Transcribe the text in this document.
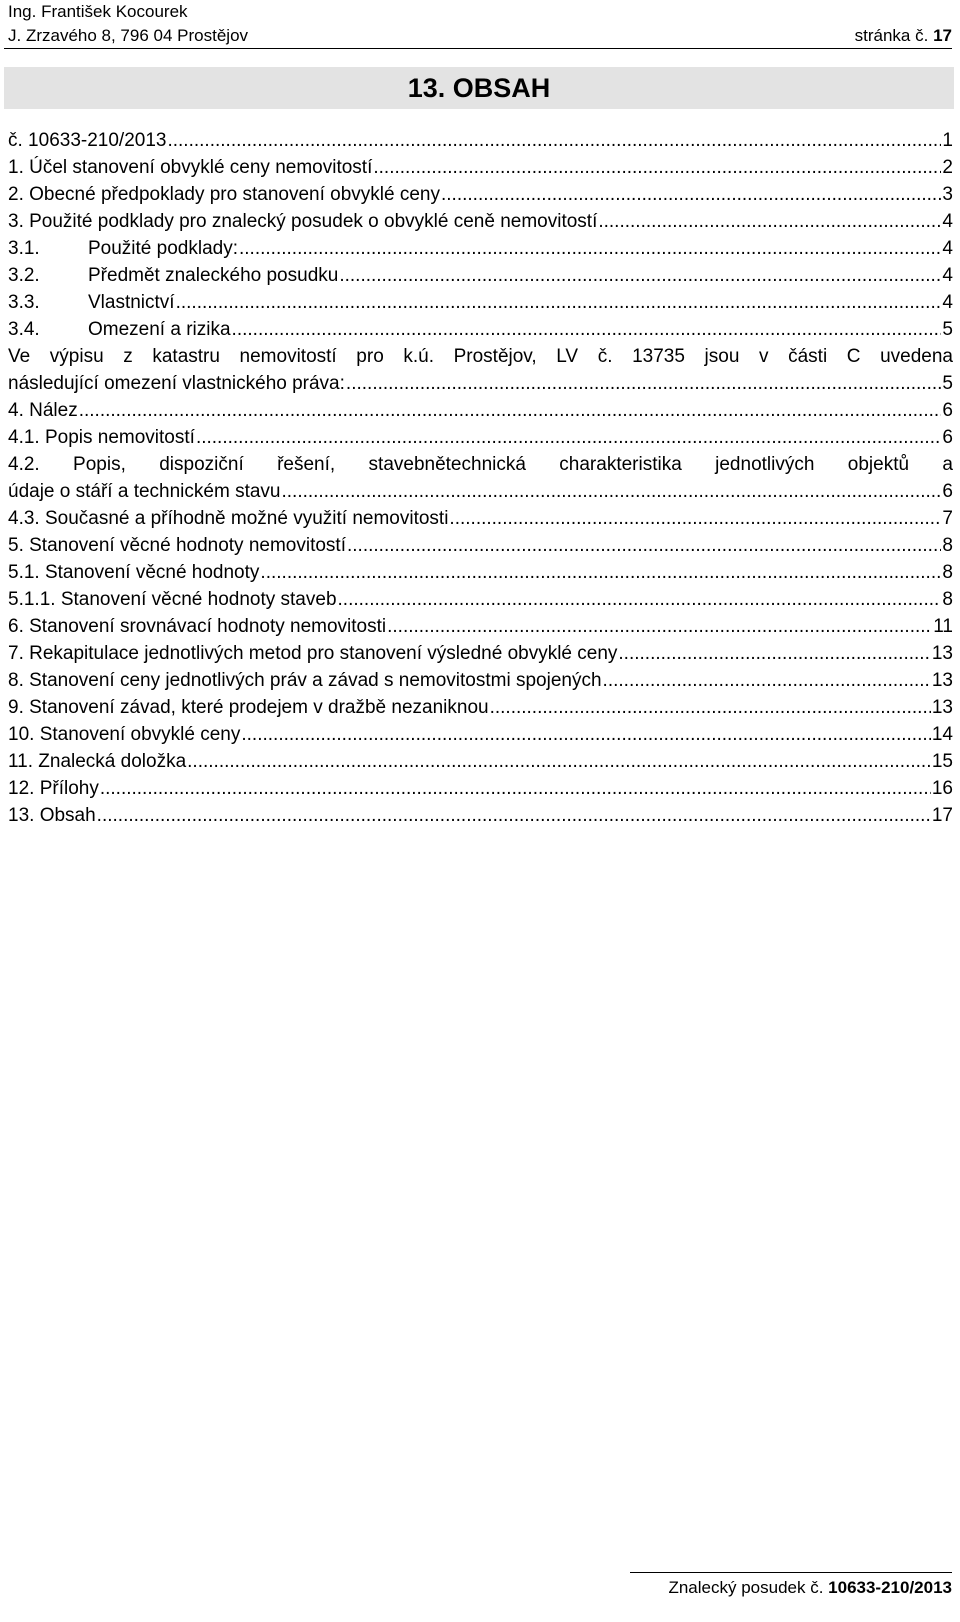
Ing. František Kocourek
J. Zrzavého 8, 796 04 Prostějov	stránka č. 17
13. OBSAH
č. 10633-210/2013 .....	1
1. Účel stanovení obvyklé ceny nemovitostí .....	2
2. Obecné předpoklady pro stanovení obvyklé ceny .....	3
3. Použité podklady pro znalecký posudek o obvyklé ceně nemovitostí .....	4
3.1.	Použité podklady: .....	4
3.2.	Předmět znaleckého posudku .....	4
3.3.	Vlastnictví .....	4
3.4.	Omezení a rizika .....	5
Ve výpisu z katastru nemovitostí pro k.ú. Prostějov, LV č. 13735 jsou v části C uvedena
následující omezení vlastnického práva: .....	5
4. Nález .....	6
4.1. Popis nemovitostí .....	6
4.2. Popis, dispoziční řešení, stavebnětechnická charakteristika jednotlivých objektů a
údaje o stáří a technickém stavu .....	6
4.3. Současné a příhodně možné využití nemovitosti .....	7
5. Stanovení věcné hodnoty nemovitostí .....	8
5.1. Stanovení věcné hodnoty .....	8
5.1.1. Stanovení věcné hodnoty staveb .....	8
6. Stanovení srovnávací hodnoty nemovitosti .....	11
7. Rekapitulace jednotlivých metod pro stanovení výsledné obvyklé ceny .....	13
8. Stanovení ceny jednotlivých práv a závad s nemovitostmi spojených .....	13
9. Stanovení závad, které prodejem v dražbě nezaniknou .....	13
10. Stanovení obvyklé ceny .....	14
11. Znalecká doložka .....	15
12. Přílohy .....	16
13. Obsah .....	17
Znalecký posudek č. 10633-210/2013
